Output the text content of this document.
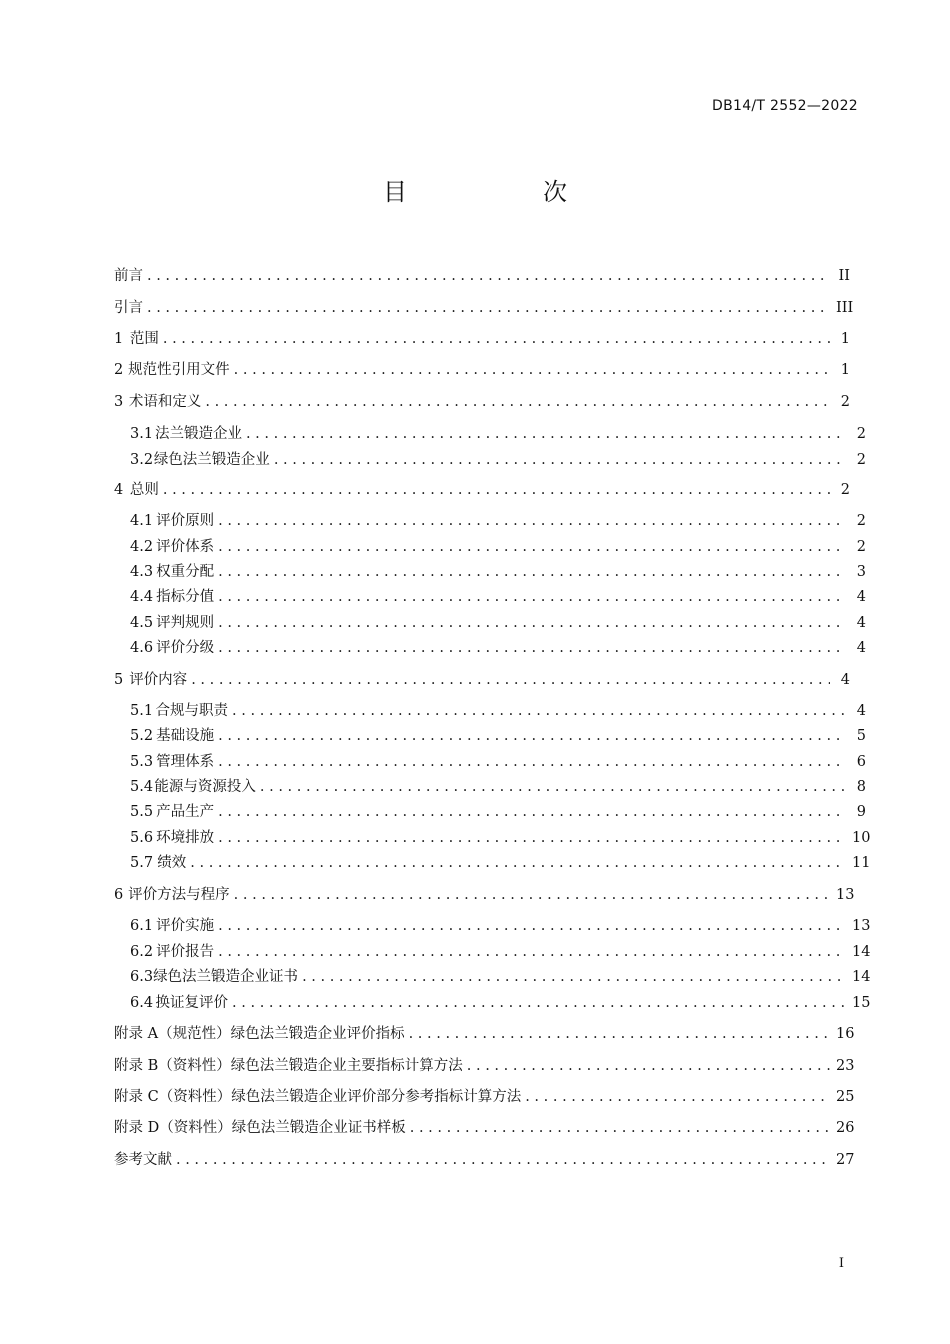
DB14/T 2552—2022
目　次
前言 . . .	II
引言 . . .	III
1 范围 . . .	1
2 规范性引用文件 . . .	1
3 术语和定义 . . .	2
3.1 法兰锻造企业 . . .	2
3.2 绿色法兰锻造企业 . . .	2
4 总则 . . .	2
4.1 评价原则 . . .	2
4.2 评价体系 . . .	2
4.3 权重分配 . . .	3
4.4 指标分值 . . .	4
4.5 评判规则 . . .	4
4.6 评价分级 . . .	4
5 评价内容 . . .	4
5.1 合规与职责 . . .	4
5.2 基础设施 . . .	5
5.3 管理体系 . . .	6
5.4 能源与资源投入 . . .	8
5.5 产品生产 . . .	9
5.6 环境排放 . . .	10
5.7 绩效 . . .	11
6 评价方法与程序 . . .	13
6.1 评价实施 . . .	13
6.2 评价报告 . . .	14
6.3 绿色法兰锻造企业证书 . . .	14
6.4 换证复评价 . . .	15
附录 A（规范性） 绿色法兰锻造企业评价指标 . . .	16
附录 B（资料性） 绿色法兰锻造企业主要指标计算方法 . . .	23
附录 C（资料性） 绿色法兰锻造企业评价部分参考指标计算方法 . . .	25
附录 D（资料性） 绿色法兰锻造企业证书样板 . . .	26
参考文献 . . .	27
I
